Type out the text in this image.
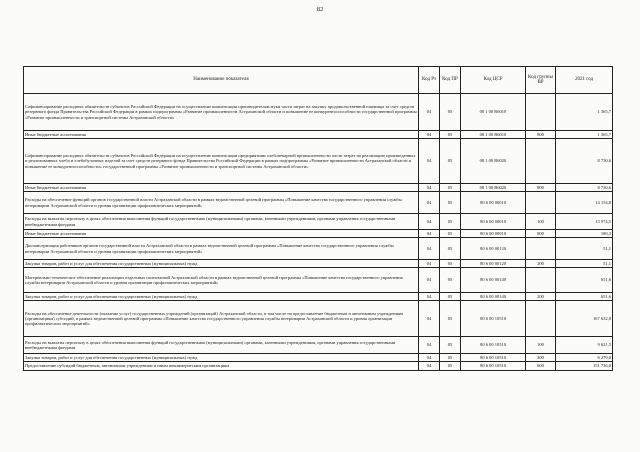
82
Наименование показателя	Код Рз	Код ПР	Код ЦСР	Код группы ВР	2021 год
Софинансирование расходных обязательств субъектов Российской Федерации на осуществление компенсации производителям муки части затрат на закупку продовольственной пшеницы за счет средств резервного фонда Правительства Российской Федерации в рамках подпрограммы «Развитие промышленности Астраханской области и повышение ее конкурентоспособности государственной программы «Развитие промышленности и транспортной системы Астраханской области»	04	05	08 1 00 R6010		1 365,7
Иные бюджетные ассигнования	04	05	08 1 00 R6010	800	1 365,7
Софинансирование расходных обязательств субъектов Российской Федерации на осуществление компенсации предприятиям хлебопекарной промышленности части затрат на реализацию произведенных и реализованных хлеба и хлебобулочных изделий за счет средств резервного фонда Правительства Российской Федерации в рамках подпрограммы «Развитие промышленности Астраханской области и повышение ее конкурентоспособности» государственной программы «Развитие промышленности и транспортной системы Астраханской области»	04	05	08 1 00 R6020		8 730,6
Иные бюджетные ассигнования	04	05	08 1 00 R6020	800	8 730,6
Расходы на обеспечение функций органов государственной власти Астраханской области в рамках ведомственной целевой программы «Повышение качества государственного управления службы ветеринарии Астраханской области и уровня организации профилактических мероприятий»	04	05	80 6 00 00010		14 154,8
Расходы на выплаты персоналу в целях обеспечения выполнения функций государственными (муниципальными) органами, казенными учреждениями, органами управления государственными внебюджетными фондами	04	05	80 6 00 00010	100	13 974,5
Иные бюджетные ассигнования	04	05	80 6 00 00010	800	180,3
Диспансеризация работников органов государственной власти Астраханской области в рамках ведомственной целевой программы «Повышение качества государственного управления службы ветеринарии Астраханской области и уровня организации профилактических мероприятий»	04	05	80 6 00 00120		51,1
Закупка товаров, работ и услуг для обеспечения государственных (муниципальных) нужд	04	05	80 6 00 00120	200	51,1
Материально-техническое обеспечение реализации отдельных полномочий Астраханской области в рамках ведомственной целевой программы «Повышение качества государственного управления службы ветеринарии Астраханской области и уровня организации профилактических мероприятий»	04	05	80 6 00 00140		651,6
Закупка товаров, работ и услуг для обеспечения государственных (муниципальных) нужд	04	05	80 6 00 00140	200	651,6
Расходы на обеспечение деятельности (оказание услуг) государственных учреждений (организаций) Астраханской области, в том числе на предоставление бюджетным и автономным учреждениям (организациям) субсидий, в рамках ведомственной целевой программы «Повышение качества государственного управления службы ветеринарии Астраханской области и уровня организации профилактических мероприятий»	04	05	80 6 00 10510		167 632,8
Расходы на выплаты персоналу в целях обеспечения выполнения функций государственными (муниципальными) органами, казенными учреждениями, органами управления государственными внебюджетными фондами	04	05	80 6 00 10510	100	9 621,5
Закупка товаров, работ и услуг для обеспечения государственных (муниципальных) нужд	04	05	80 6 00 10510	200	6 279,0
Предоставление субсидий бюджетным, автономным учреждениям и иным некоммерческим организациям	04	05	80 6 00 10510	600	151 736,0
